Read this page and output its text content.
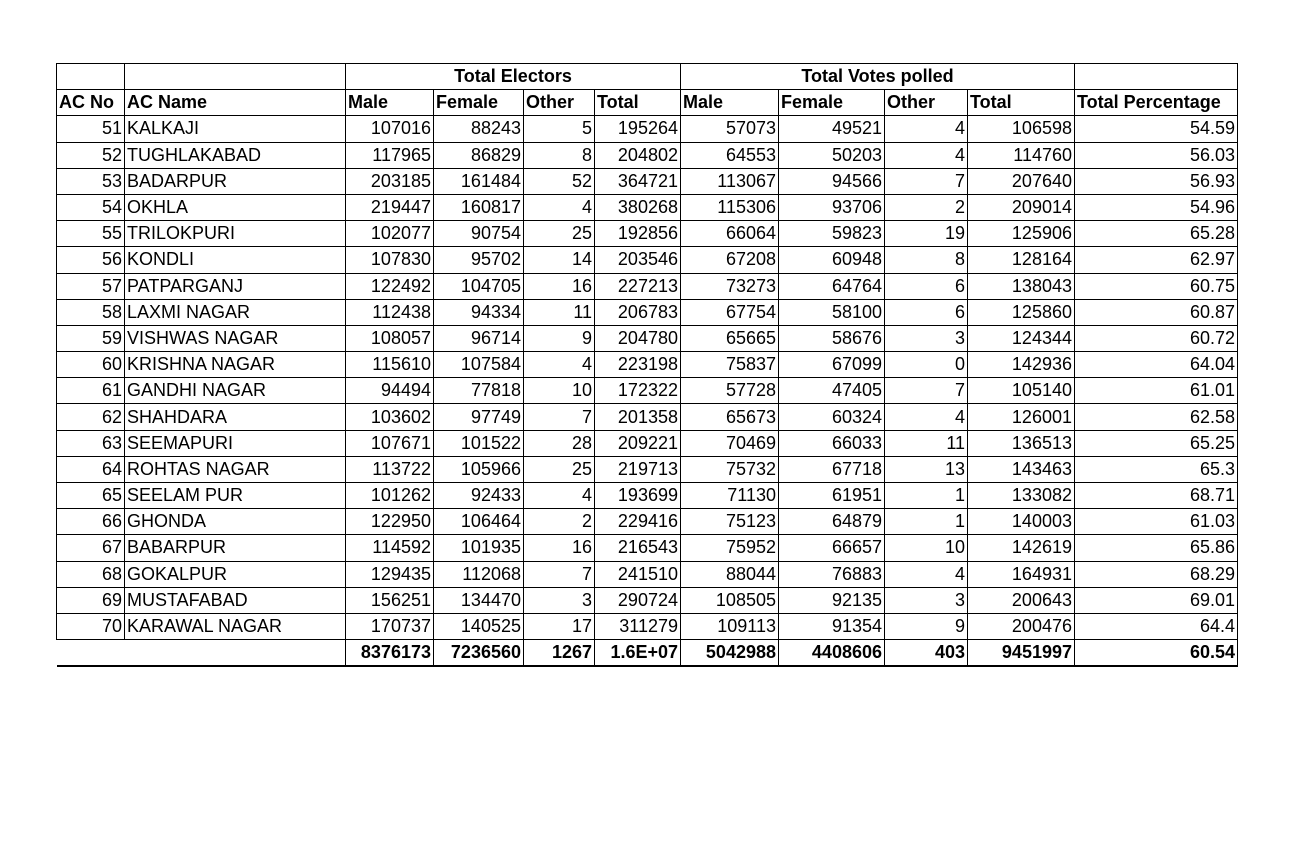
		Total Electors				Total Votes polled				
AC No	AC Name	Male	Female	Other	Total	Male	Female	Other	Total	Total Percentage
51	KALKAJI	107016	88243	5	195264	57073	49521	4	106598	54.59
52	TUGHLAKABAD	117965	86829	8	204802	64553	50203	4	114760	56.03
53	BADARPUR	203185	161484	52	364721	113067	94566	7	207640	56.93
54	OKHLA	219447	160817	4	380268	115306	93706	2	209014	54.96
55	TRILOKPURI	102077	90754	25	192856	66064	59823	19	125906	65.28
56	KONDLI	107830	95702	14	203546	67208	60948	8	128164	62.97
57	PATPARGANJ	122492	104705	16	227213	73273	64764	6	138043	60.75
58	LAXMI NAGAR	112438	94334	11	206783	67754	58100	6	125860	60.87
59	VISHWAS NAGAR	108057	96714	9	204780	65665	58676	3	124344	60.72
60	KRISHNA NAGAR	115610	107584	4	223198	75837	67099	0	142936	64.04
61	GANDHI NAGAR	94494	77818	10	172322	57728	47405	7	105140	61.01
62	SHAHDARA	103602	97749	7	201358	65673	60324	4	126001	62.58
63	SEEMAPURI	107671	101522	28	209221	70469	66033	11	136513	65.25
64	ROHTAS NAGAR	113722	105966	25	219713	75732	67718	13	143463	65.3
65	SEELAM PUR	101262	92433	4	193699	71130	61951	1	133082	68.71
66	GHONDA	122950	106464	2	229416	75123	64879	1	140003	61.03
67	BABARPUR	114592	101935	16	216543	75952	66657	10	142619	65.86
68	GOKALPUR	129435	112068	7	241510	88044	76883	4	164931	68.29
69	MUSTAFABAD	156251	134470	3	290724	108505	92135	3	200643	69.01
70	KARAWAL NAGAR	170737	140525	17	311279	109113	91354	9	200476	64.4
		8376173	7236560	1267	1.6E+07	5042988	4408606	403	9451997	60.54
